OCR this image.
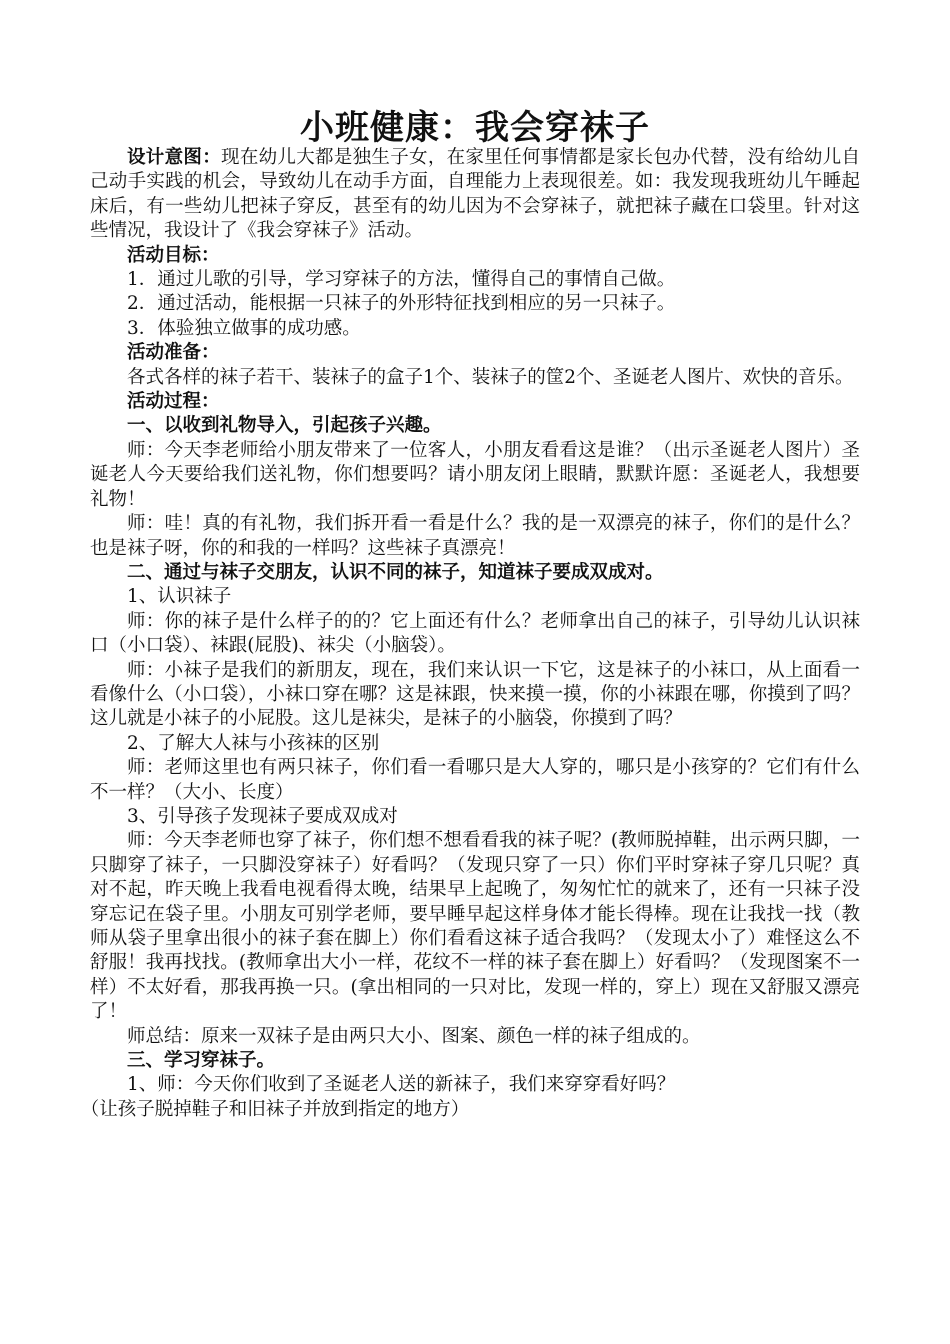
小班健康：我会穿袜子

设计意图：现在幼儿大都是独生子女，在家里任何事情都是家长包办代替，没有给幼儿自己动手实践的机会，导致幼儿在动手方面，自理能力上表现很差。如：我发现我班幼儿午睡起床后，有一些幼儿把袜子穿反，甚至有的幼儿因为不会穿袜子，就把袜子藏在口袋里。针对这些情况，我设计了《我会穿袜子》活动。

活动目标：

1．通过儿歌的引导，学习穿袜子的方法，懂得自己的事情自己做。

2．通过活动，能根据一只袜子的外形特征找到相应的另一只袜子。

3．体验独立做事的成功感。

活动准备：

各式各样的袜子若干、装袜子的盒子1个、装袜子的筐2个、圣诞老人图片、欢快的音乐。

活动过程：

一、以收到礼物导入，引起孩子兴趣。

师：今天李老师给小朋友带来了一位客人，小朋友看看这是谁？（出示圣诞老人图片）圣诞老人今天要给我们送礼物，你们想要吗？请小朋友闭上眼睛，默默许愿：圣诞老人，我想要礼物！

师：哇！真的有礼物，我们拆开看一看是什么？我的是一双漂亮的袜子，你们的是什么？也是袜子呀，你的和我的一样吗？这些袜子真漂亮！

二、通过与袜子交朋友，认识不同的袜子，知道袜子要成双成对。

1、认识袜子

师：你的袜子是什么样子的的？它上面还有什么？老师拿出自己的袜子，引导幼儿认识袜口（小口袋）、袜跟(屁股)、袜尖（小脑袋）。

师：小袜子是我们的新朋友，现在，我们来认识一下它，这是袜子的小袜口，从上面看一看像什么（小口袋），小袜口穿在哪？这是袜跟，快来摸一摸，你的小袜跟在哪，你摸到了吗？这儿就是小袜子的小屁股。这儿是袜尖，是袜子的小脑袋，你摸到了吗？

2、了解大人袜与小孩袜的区别

师：老师这里也有两只袜子，你们看一看哪只是大人穿的，哪只是小孩穿的？它们有什么不一样？（大小、长度）

3、引导孩子发现袜子要成双成对

师：今天李老师也穿了袜子，你们想不想看看我的袜子呢？(教师脱掉鞋，出示两只脚，一只脚穿了袜子，一只脚没穿袜子）好看吗？（发现只穿了一只）你们平时穿袜子穿几只呢？真对不起，昨天晚上我看电视看得太晚，结果早上起晚了，匆匆忙忙的就来了，还有一只袜子没穿忘记在袋子里。小朋友可别学老师，要早睡早起这样身体才能长得棒。现在让我找一找（教师从袋子里拿出很小的袜子套在脚上）你们看看这袜子适合我吗？（发现太小了）难怪这么不舒服！我再找找。(教师拿出大小一样，花纹不一样的袜子套在脚上）好看吗？（发现图案不一样）不太好看，那我再换一只。(拿出相同的一只对比，发现一样的，穿上）现在又舒服又漂亮了！

师总结：原来一双袜子是由两只大小、图案、颜色一样的袜子组成的。

三、学习穿袜子。

1、师：今天你们收到了圣诞老人送的新袜子，我们来穿穿看好吗？

（让孩子脱掉鞋子和旧袜子并放到指定的地方）
